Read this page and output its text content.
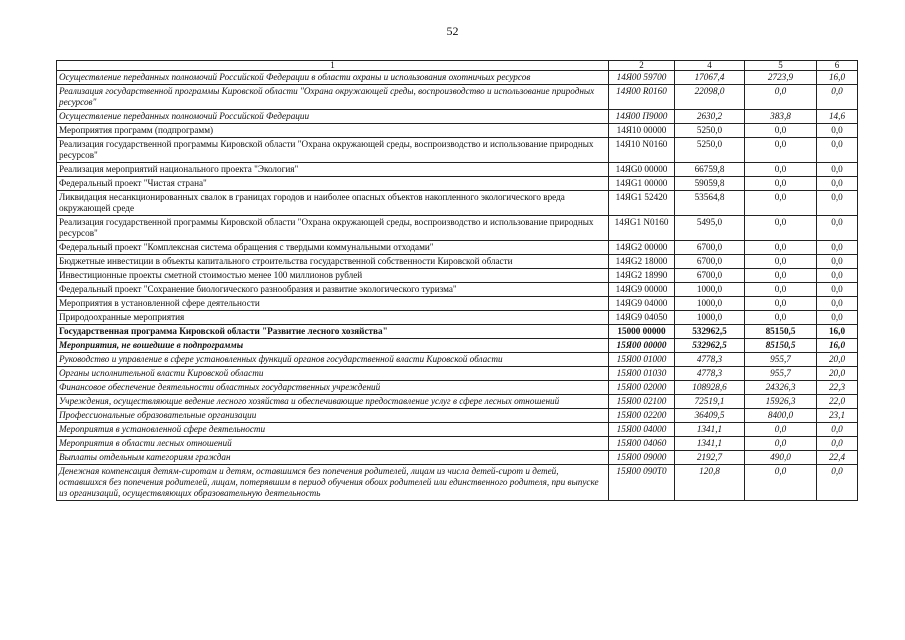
52
1	2	4	5	6
Осуществление переданных полномочий Российской Федерации в области охраны и использования охотничьих ресурсов	14Я00 59700	17067,4	2723,9	16,0
Реализация государственной программы Кировской области "Охрана окружающей среды, воспроизводство и использование природных ресурсов"	14Я00 R0160	22098,0	0,0	0,0
Осуществление переданных полномочий Российской Федерации	14Я00 П9000	2630,2	383,8	14,6
Мероприятия программ (подпрограмм)	14Я10 00000	5250,0	0,0	0,0
Реализация государственной программы Кировской области "Охрана окружающей среды, воспроизводство и использование природных ресурсов"	14Я10 N0160	5250,0	0,0	0,0
Реализация мероприятий национального проекта "Экология"	14ЯG0 00000	66759,8	0,0	0,0
Федеральный проект "Чистая страна"	14ЯG1 00000	59059,8	0,0	0,0
Ликвидация несанкционированных свалок в границах городов и наиболее опасных объектов накопленного экологического вреда окружающей среде	14ЯG1 52420	53564,8	0,0	0,0
Реализация государственной программы Кировской области "Охрана окружающей среды, воспроизводство и использование природных ресурсов"	14ЯG1 N0160	5495,0	0,0	0,0
Федеральный проект "Комплексная система обращения с твердыми коммунальными отходами"	14ЯG2 00000	6700,0	0,0	0,0
Бюджетные инвестиции в объекты капитального строительства государственной собственности Кировской области	14ЯG2 18000	6700,0	0,0	0,0
Инвестиционные проекты сметной стоимостью менее 100 миллионов рублей	14ЯG2 18990	6700,0	0,0	0,0
Федеральный проект "Сохранение биологического разнообразия и развитие экологического туризма"	14ЯG9 00000	1000,0	0,0	0,0
Мероприятия в установленной сфере деятельности	14ЯG9 04000	1000,0	0,0	0,0
Природоохранные мероприятия	14ЯG9 04050	1000,0	0,0	0,0
Государственная программа Кировской области "Развитие лесного хозяйства"	15000 00000	532962,5	85150,5	16,0
Мероприятия, не вошедшие в подпрограммы	15Я00 00000	532962,5	85150,5	16,0
Руководство и управление в сфере установленных функций органов государственной власти Кировской области	15Я00 01000	4778,3	955,7	20,0
Органы исполнительной власти Кировской области	15Я00 01030	4778,3	955,7	20,0
Финансовое обеспечение деятельности областных государственных учреждений	15Я00 02000	108928,6	24326,3	22,3
Учреждения, осуществляющие ведение лесного хозяйства и обеспечивающие предоставление услуг в сфере лесных отношений	15Я00 02100	72519,1	15926,3	22,0
Профессиональные образовательные организации	15Я00 02200	36409,5	8400,0	23,1
Мероприятия в установленной сфере деятельности	15Я00 04000	1341,1	0,0	0,0
Мероприятия в области лесных отношений	15Я00 04060	1341,1	0,0	0,0
Выплаты отдельным категориям граждан	15Я00 09000	2192,7	490,0	22,4
Денежная компенсация детям-сиротам и детям, оставшимся без попечения родителей, лицам из числа детей-сирот и детей, оставшихся без попечения родителей, лицам, потерявшим в период обучения обоих родителей или единственного родителя, при выпуске из организаций, осуществляющих образовательную деятельность	15Я00 090Т0	120,8	0,0	0,0
